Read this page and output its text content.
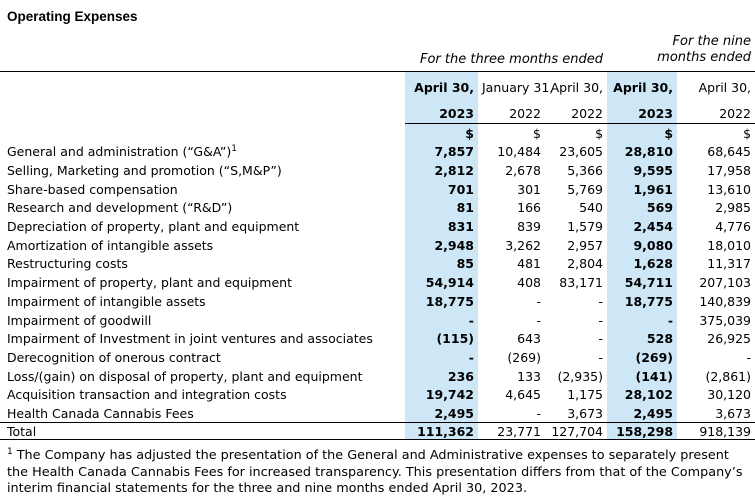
Operating Expenses
	For the three months ended			For the nine months ended	
	April 30,	January 31,	April 30,	April 30,	April 30,
	2023	2022	2022	2023	2022
	$	$	$	$	$
General and administration (“G&A”)$^1$	7,857	10,484	23,605	28,810	68,645
Selling, Marketing and promotion (“S,M&P”)	2,812	2,678	5,366	9,595	17,958
Share-based compensation	701	301	5,769	1,961	13,610
Research and development (“R&D”)	81	166	540	569	2,985
Depreciation of property, plant and equipment	831	839	1,579	2,454	4,776
Amortization of intangible assets	2,948	3,262	2,957	9,080	18,010
Restructuring costs	85	481	2,804	1,628	11,317
Impairment of property, plant and equipment	54,914	408	83,171	54,711	207,103
Impairment of intangible assets	18,775	-	-	18,775	140,839
Impairment of goodwill	-	-	-	-	375,039
Impairment of Investment in joint ventures and associates	(115)	643	-	528	26,925
Derecognition of onerous contract	-	(269)	-	(269)	-
Loss/(gain) on disposal of property, plant and equipment	236	133	(2,935)	(141)	(2,861)
Acquisition transaction and integration costs	19,742	4,645	1,175	28,102	30,120
Health Canada Cannabis Fees	2,495	-	3,673	2,495	3,673
Total	111,362	23,771	127,704	158,298	918,139

$^1$ The Company has adjusted the presentation of the General and Administrative expenses to separately present the Health Canada Cannabis Fees for increased transparency. This presentation differs from that of the Company’s interim financial statements for the three and nine months ended April 30, 2023.
